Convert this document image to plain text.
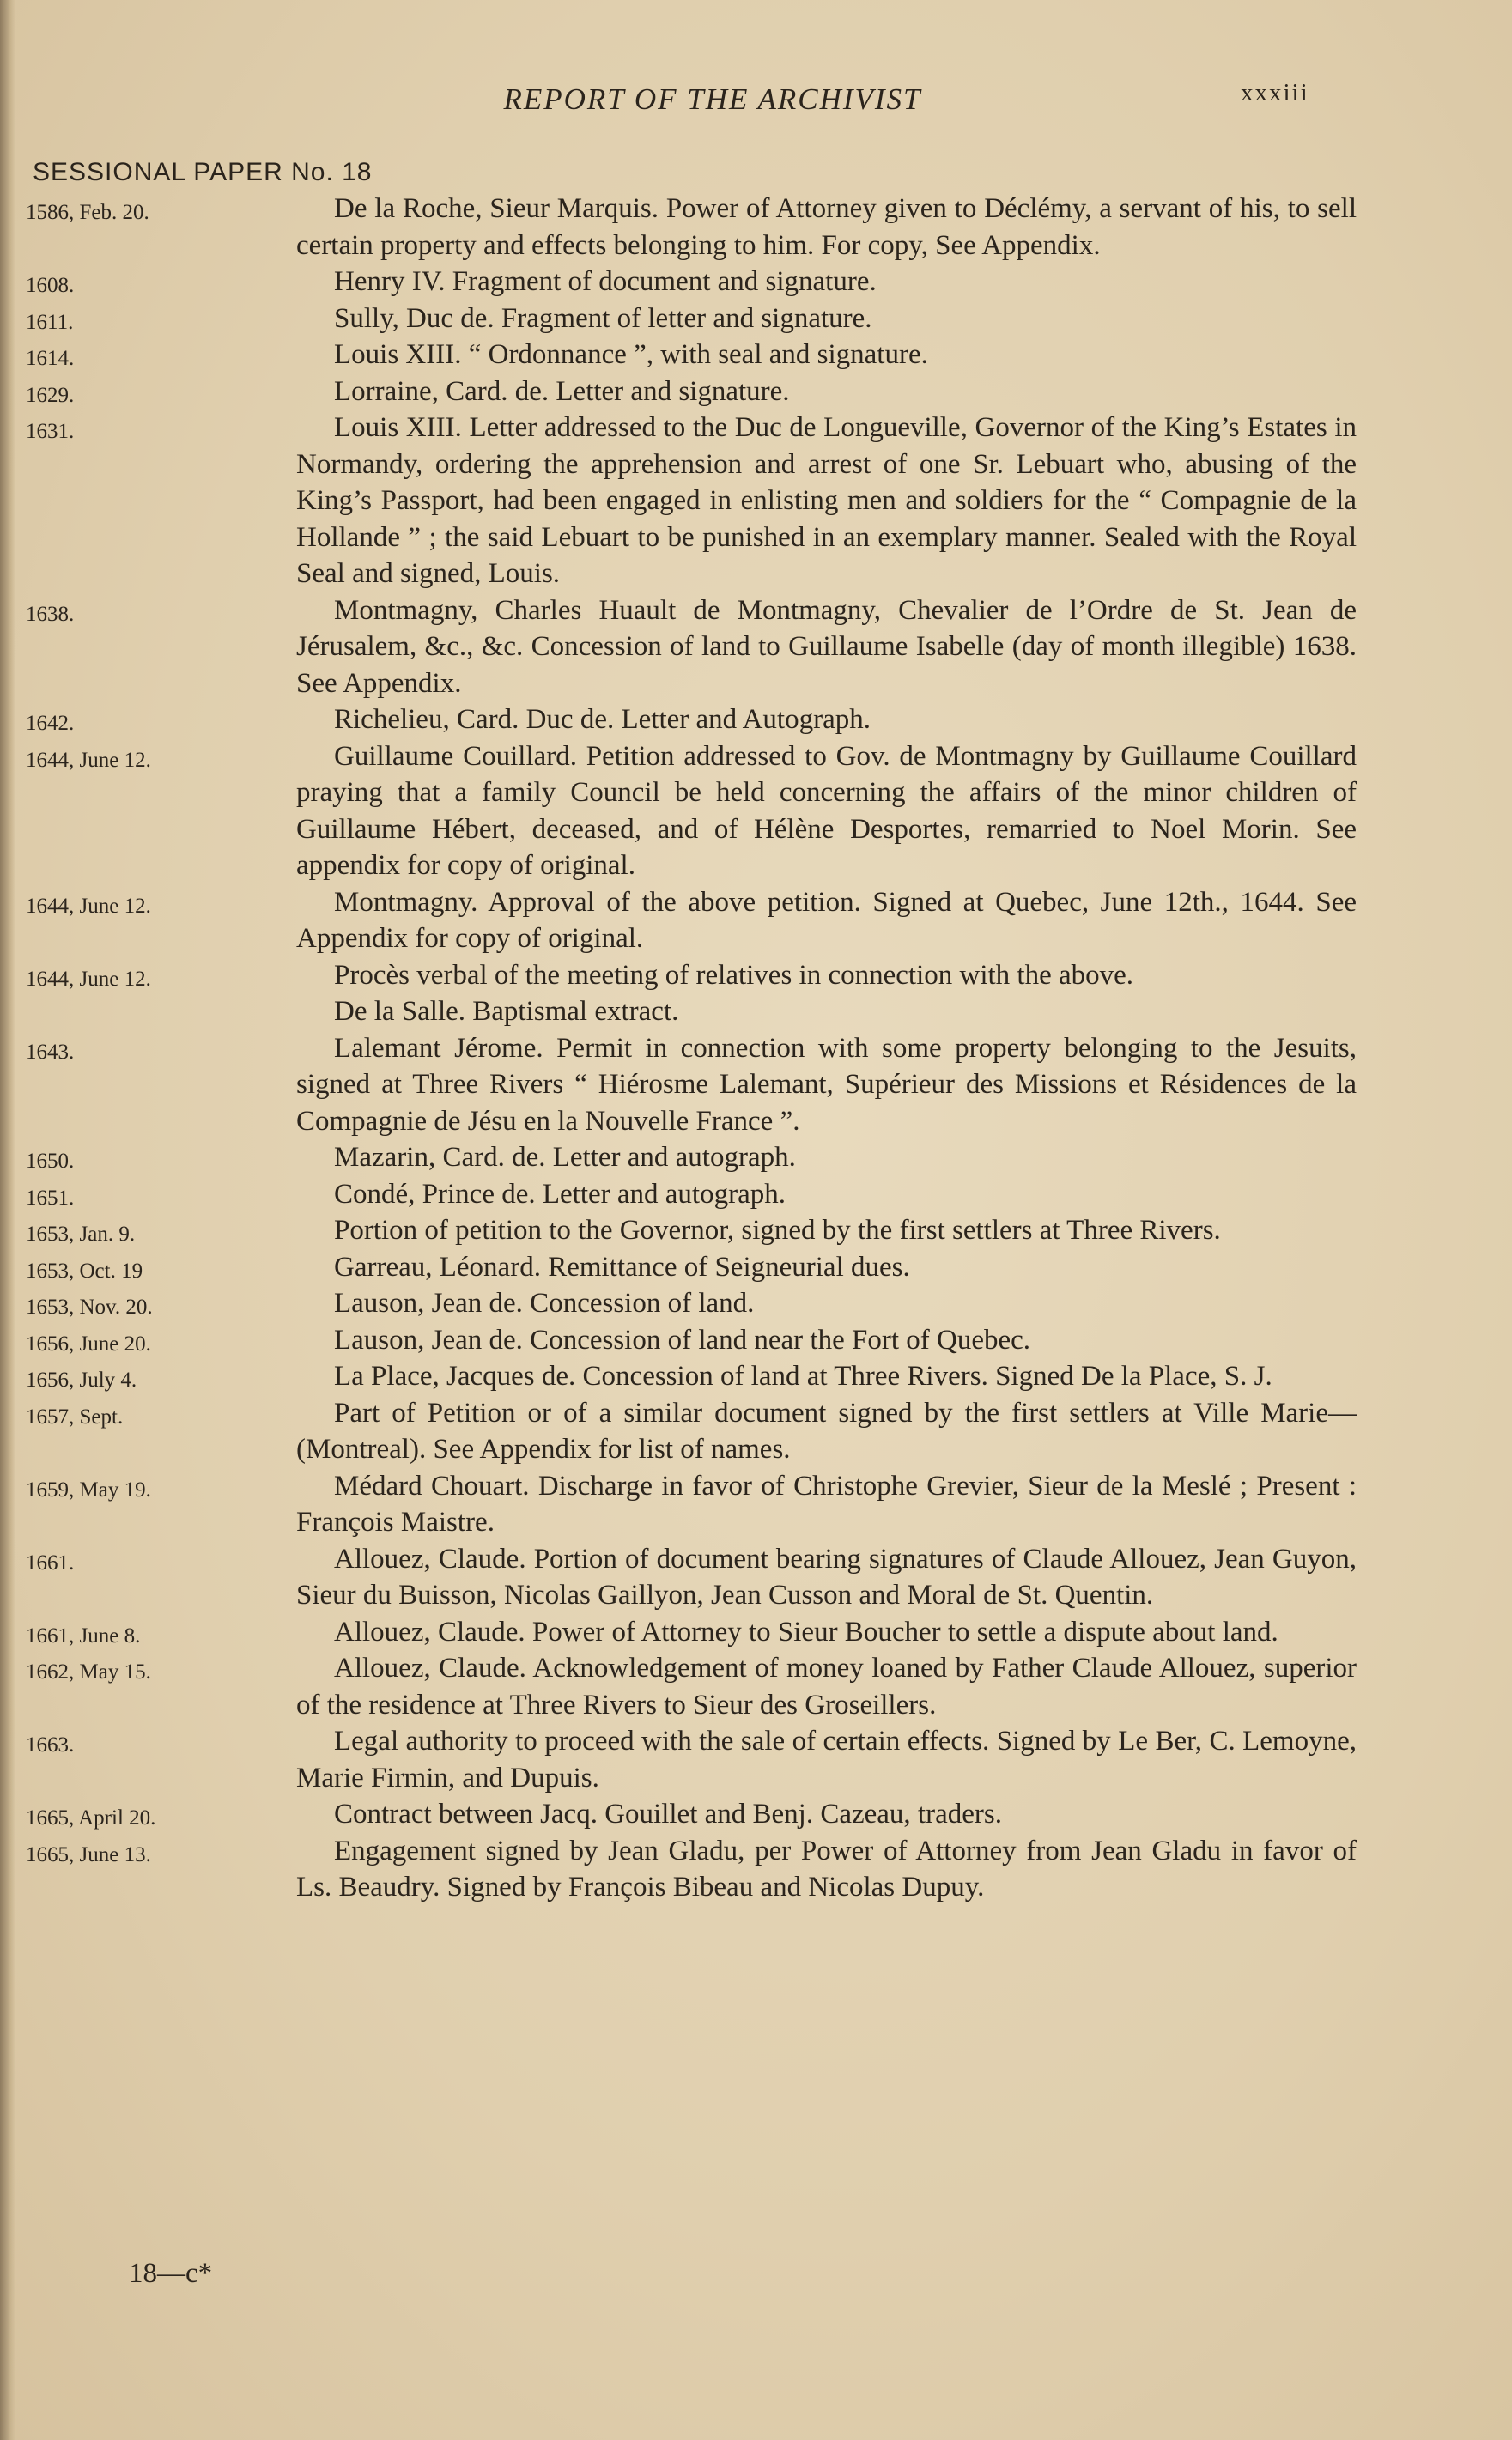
REPORT OF THE ARCHIVIST	xxxiii
SESSIONAL PAPER No. 18
1586, Feb. 20.	De la Roche, Sieur Marquis. Power of Attorney given to Déclémy, a servant of his, to sell certain property and effects belonging to him. For copy, See Appendix.
1608.	Henry IV. Fragment of document and signature.
1611.	Sully, Duc de. Fragment of letter and signature.
1614.	Louis XIII. “ Ordonnance ”, with seal and signature.
1629.	Lorraine, Card. de. Letter and signature.
1631.	Louis XIII. Letter addressed to the Duc de Longueville, Governor of the King’s Estates in Normandy, ordering the apprehension and arrest of one Sr. Lebuart who, abusing of the King’s Passport, had been engaged in enlisting men and soldiers for the “ Compagnie de la Hollande ” ; the said Lebuart to be punished in an exemplary manner. Sealed with the Royal Seal and signed, Louis.
1638.	Montmagny, Charles Huault de Montmagny, Chevalier de l’Ordre de St. Jean de Jérusalem, &c., &c. Concession of land to Guillaume Isabelle (day of month illegible) 1638. See Appendix.
1642.	Richelieu, Card. Duc de. Letter and Autograph.
1644, June 12.	Guillaume Couillard. Petition addressed to Gov. de Montmagny by Guillaume Couillard praying that a family Council be held concerning the affairs of the minor children of Guillaume Hébert, deceased, and of Hélène Desportes, remarried to Noel Morin. See appendix for copy of original.
1644, June 12.	Montmagny. Approval of the above petition. Signed at Quebec, June 12th., 1644. See Appendix for copy of original.
1644, June 12.	Procès verbal of the meeting of relatives in connection with the above.
De la Salle. Baptismal extract.
1643.	Lalemant Jérome. Permit in connection with some property belonging to the Jesuits, signed at Three Rivers “ Hiérosme Lalemant, Supérieur des Missions et Résidences de la Compagnie de Jésu en la Nouvelle France ”.
1650.	Mazarin, Card. de. Letter and autograph.
1651.	Condé, Prince de. Letter and autograph.
1653, Jan. 9.	Portion of petition to the Governor, signed by the first settlers at Three Rivers.
1653, Oct. 19	Garreau, Léonard. Remittance of Seigneurial dues.
1653, Nov. 20.	Lauson, Jean de. Concession of land.
1656, June 20.	Lauson, Jean de. Concession of land near the Fort of Quebec.
1656, July 4.	La Place, Jacques de. Concession of land at Three Rivers. Signed De la Place, S. J.
1657, Sept.	Part of Petition or of a similar document signed by the first settlers at Ville Marie—(Montreal). See Appendix for list of names.
1659, May 19.	Médard Chouart. Discharge in favor of Christophe Grevier, Sieur de la Meslé ; Present : François Maistre.
1661.	Allouez, Claude. Portion of document bearing signatures of Claude Allouez, Jean Guyon, Sieur du Buisson, Nicolas Gaillyon, Jean Cusson and Moral de St. Quentin.
1661, June 8.	Allouez, Claude. Power of Attorney to Sieur Boucher to settle a dispute about land.
1662, May 15.	Allouez, Claude. Acknowledgement of money loaned by Father Claude Allouez, superior of the residence at Three Rivers to Sieur des Groseillers.
1663.	Legal authority to proceed with the sale of certain effects. Signed by Le Ber, C. Lemoyne, Marie Firmin, and Dupuis.
1665, April 20.	Contract between Jacq. Gouillet and Benj. Cazeau, traders.
1665, June 13.	Engagement signed by Jean Gladu, per Power of Attorney from Jean Gladu in favor of Ls. Beaudry. Signed by François Bibeau and Nicolas Dupuy.
18—c*
